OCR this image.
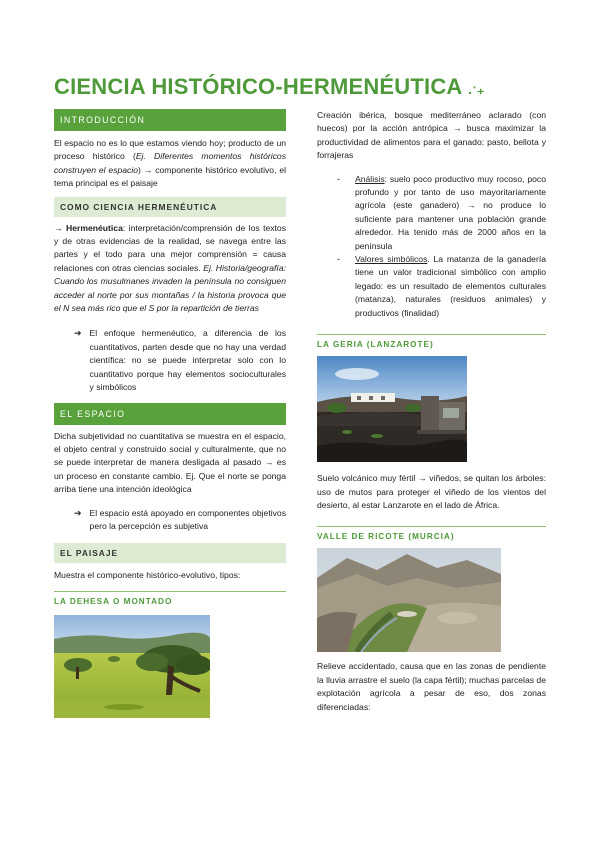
CIENCIA HISTÓRICO-HERMENÉUTICA .ˑ₊
INTRODUCCIÓN

El espacio no es lo que estamos viendo hoy; producto de un proceso histórico (Ej. Diferentes momentos históricos construyen el espacio) → componente histórico evolutivo, el tema principal es el paisaje

COMO CIENCIA HERMENÉUTICA

→ Hermenéutica: interpretación/comprensión de los textos y de otras evidencias de la realidad, se navega entre las partes y el todo para una mejor comprensión = causa relaciones con otras ciencias sociales. Ej. Historia/geografía: Cuando los musulmanes invaden la península no consiguen acceder al norte por sus montañas / la historia provoca que el N sea más rico que el S por la repartición de tierras

➔ El enfoque hermenéutico, a diferencia de los cuantitativos, parten desde que no hay una verdad científica: no se puede interpretar solo con lo cuantitativo porque hay elementos socioculturales y simbólicos

EL ESPACIO

Dicha subjetividad no cuantitativa se muestra en el espacio, el objeto central y construido social y culturalmente, que no se puede interpretar de manera desligada al pasado → es un proceso en constante cambio. Ej. Que el norte se ponga arriba tiene una intención ideológica

➔ El espacio está apoyado en componentes objetivos pero la percepción es subjetiva

EL PAISAJE

Muestra el componente histórico-evolutivo, tipos:

LA DEHESA O MONTADO

Creación ibérica, bosque mediterráneo aclarado (con huecos) por la acción antrópica → busca maximizar la productividad de alimentos para el ganado: pasto, bellota y forrajeras

-	Análisis: suelo poco productivo muy rocoso, poco profundo y por tanto de uso mayoritariamente agrícola (este ganadero) → no produce lo suficiente para mantener una población grande alrededor. Ha tenido más de 2000 años en la península

-	Valores simbólicos. La matanza de la ganadería tiene un valor tradicional simbólico con amplio legado: es un resultado de elementos culturales (matanza), naturales (residuos animales) y productivos (finalidad)

LA GERIA (LANZAROTE)

Suelo volcánico muy fértil → viñedos, se quitan los árboles: uso de mutos para proteger el viñedo de los vientos del desierto, al estar Lanzarote en el lado de África.

VALLE DE RICOTE (MURCIA)

Relieve accidentado, causa que en las zonas de pendiente la lluvia arrastre el suelo (la capa fértil); muchas parcelas de explotación agrícola a pesar de eso, dos zonas diferenciadas:
